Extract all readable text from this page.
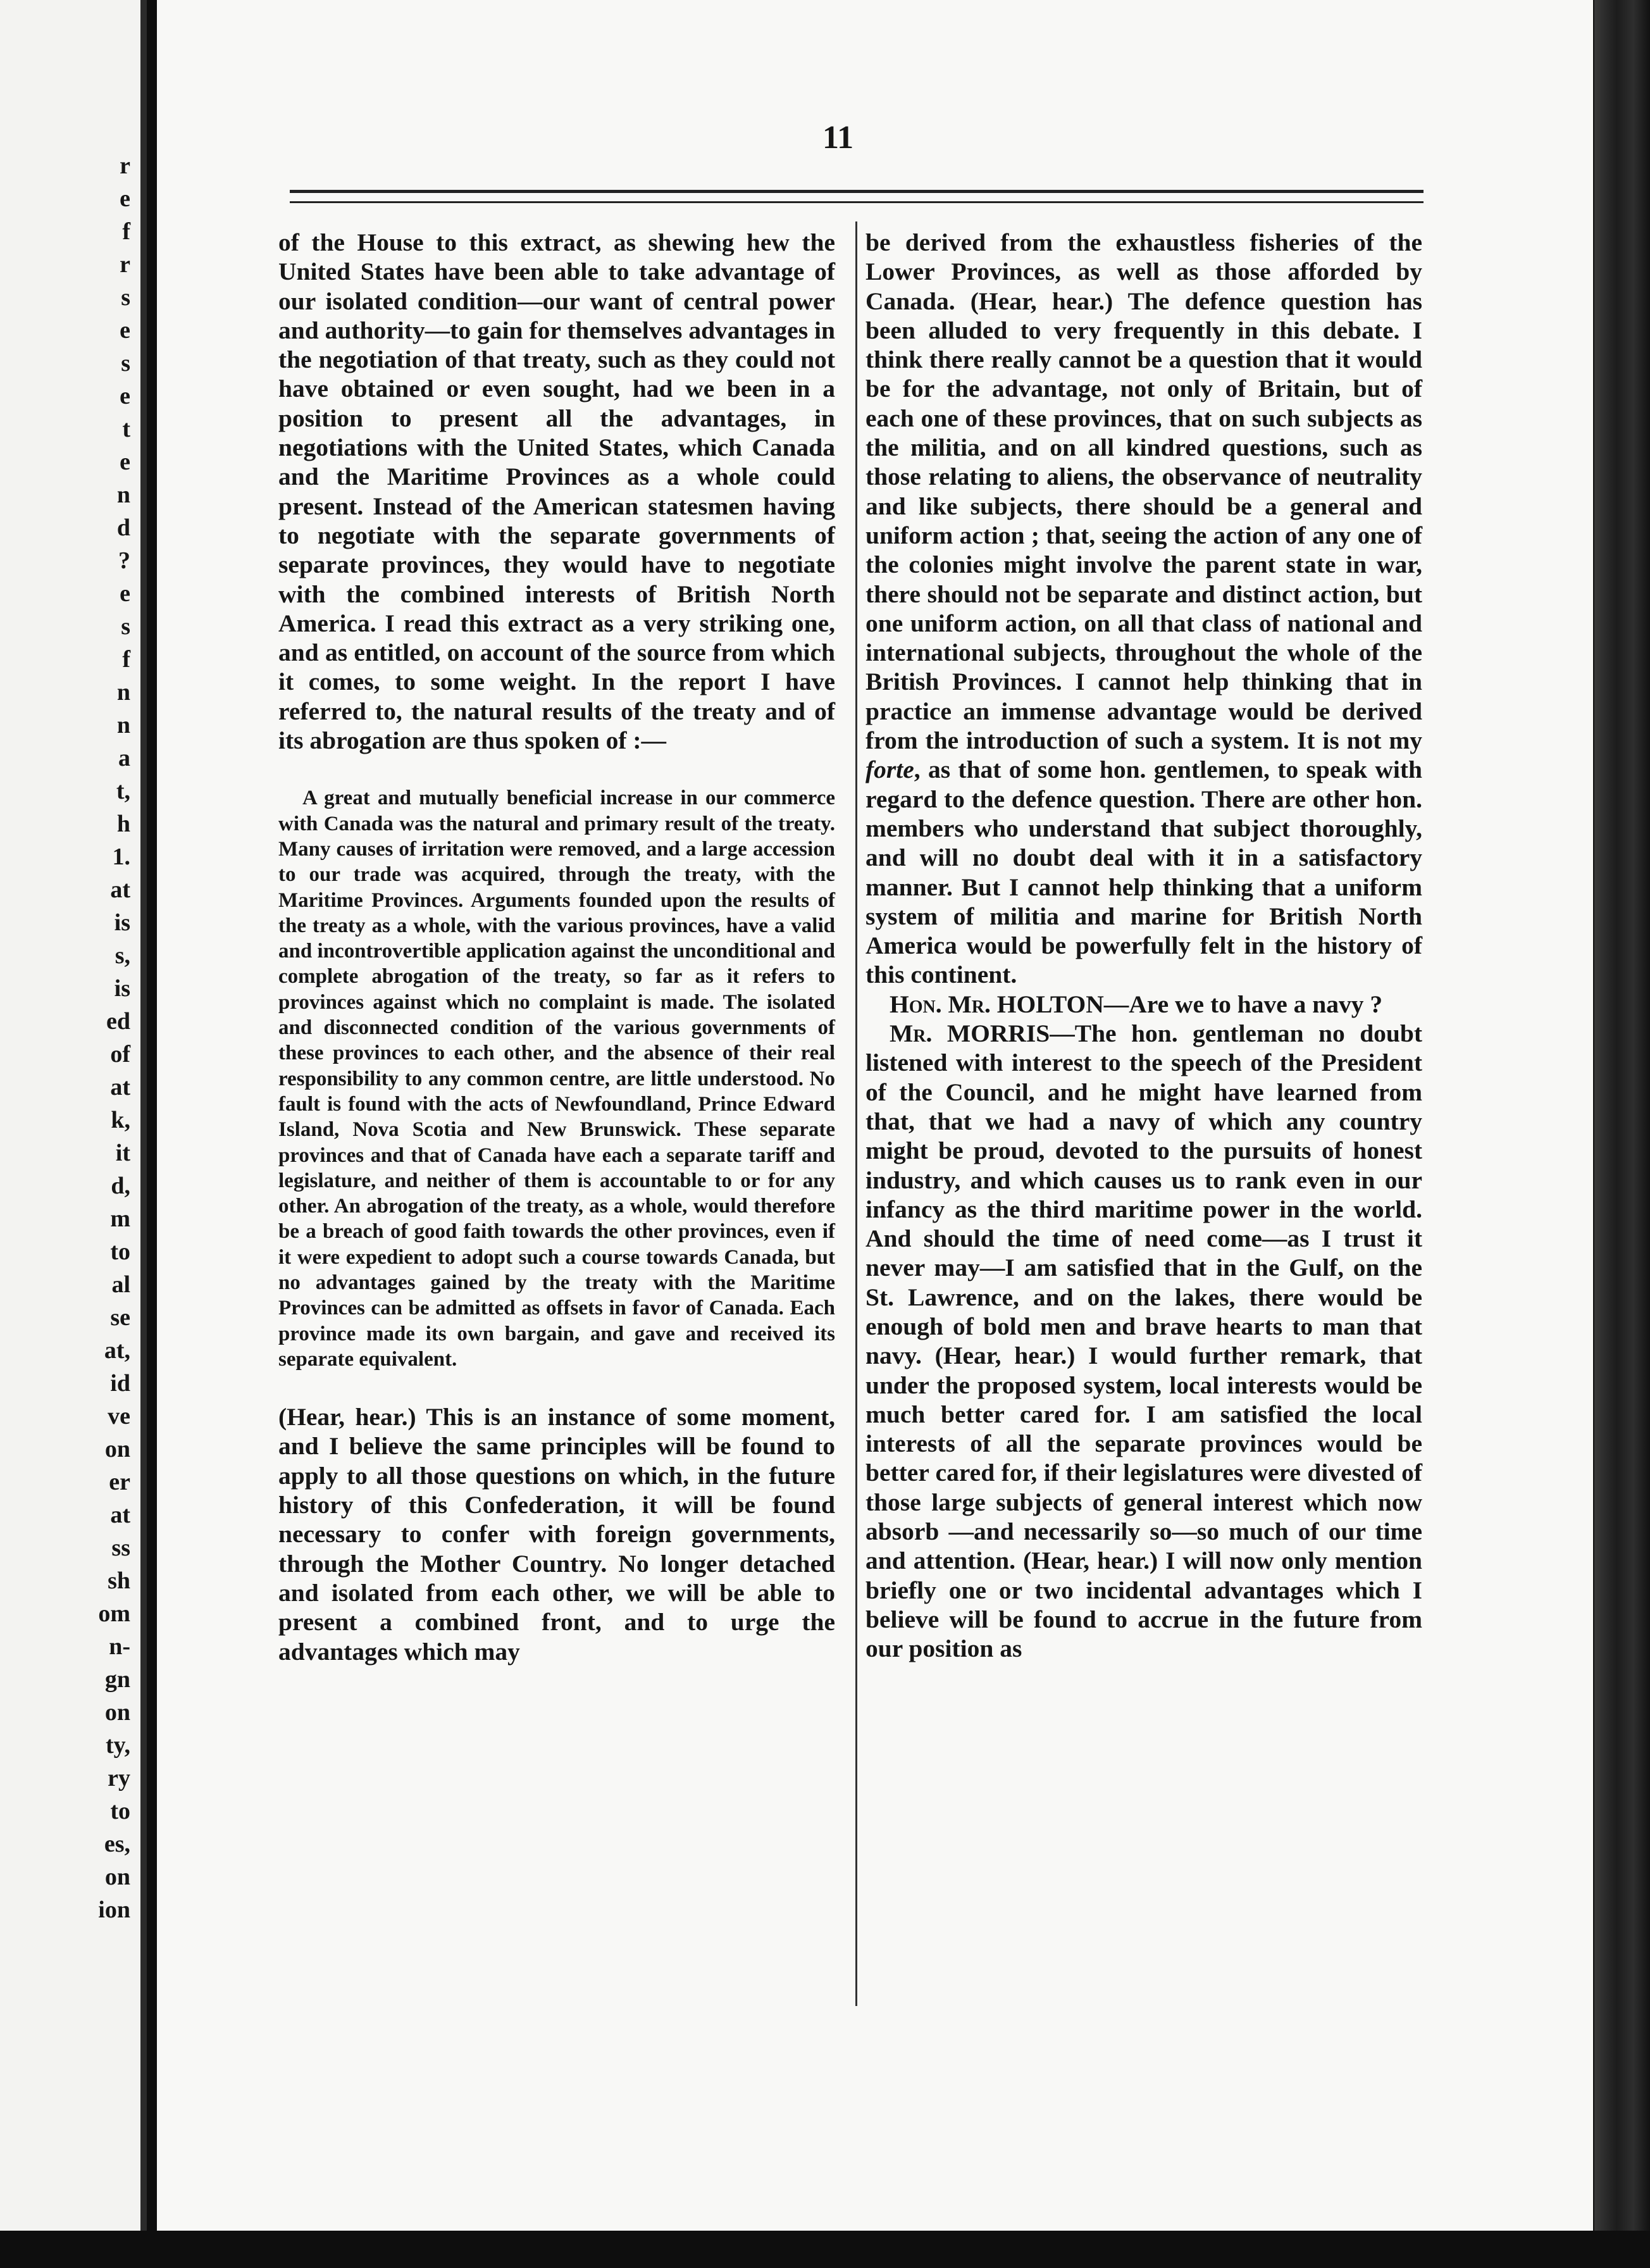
r
e
f
r
s
e
s
e
t
e
n
d
?
e
s
f
n
n
a
t,
h
1.
at
is
s,
is
ed
of
at
k,
it
d,
m
to
al
se
at,
id
ve
on
er
at
ss
sh
om
n-
gn
on
ty,
ry
to
es,
on
ion
11

of the House to this extract, as shewing hew the United States have been able to take advantage of our isolated condition—our want of central power and authority—to gain for themselves advantages in the negotiation of that treaty, such as they could not have obtained or even sought, had we been in a position to present all the advantages, in negotiations with the United States, which Canada and the Maritime Provinces as a whole could present. Instead of the American statesmen having to negotiate with the separate governments of separate provinces, they would have to negotiate with the combined interests of British North America. I read this extract as a very striking one, and as entitled, on account of the source from which it comes, to some weight. In the report I have referred to, the natural results of the treaty and of its abrogation are thus spoken of :—

A great and mutually beneficial increase in our commerce with Canada was the natural and primary result of the treaty. Many causes of irritation were removed, and a large accession to our trade was acquired, through the treaty, with the Maritime Provinces. Arguments founded upon the results of the treaty as a whole, with the various provinces, have a valid and incontrovertible application against the unconditional and complete abrogation of the treaty, so far as it refers to provinces against which no complaint is made. The isolated and disconnected condition of the various governments of these provinces to each other, and the absence of their real responsibility to any common centre, are little understood. No fault is found with the acts of Newfoundland, Prince Edward Island, Nova Scotia and New Brunswick. These separate provinces and that of Canada have each a separate tariff and legislature, and neither of them is accountable to or for any other. An abrogation of the treaty, as a whole, would therefore be a breach of good faith towards the other provinces, even if it were expedient to adopt such a course towards Canada, but no advantages gained by the treaty with the Maritime Provinces can be admitted as offsets in favor of Canada. Each province made its own bargain, and gave and received its separate equivalent.

(Hear, hear.) This is an instance of some moment, and I believe the same principles will be found to apply to all those questions on which, in the future history of this Confederation, it will be found necessary to confer with foreign governments, through the Mother Country. No longer detached and isolated from each other, we will be able to present a combined front, and to urge the advantages which may

be derived from the exhaustless fisheries of the Lower Provinces, as well as those afforded by Canada. (Hear, hear.) The defence question has been alluded to very frequently in this debate. I think there really cannot be a question that it would be for the advantage, not only of Britain, but of each one of these provinces, that on such subjects as the militia, and on all kindred questions, such as those relating to aliens, the observance of neutrality and like subjects, there should be a general and uniform action ; that, seeing the action of any one of the colonies might involve the parent state in war, there should not be separate and distinct action, but one uniform action, on all that class of national and international subjects, throughout the whole of the British Provinces. I cannot help thinking that in practice an immense advantage would be derived from the introduction of such a system. It is not my forte, as that of some hon. gentlemen, to speak with regard to the defence question. There are other hon. members who understand that subject thoroughly, and will no doubt deal with it in a satisfactory manner. But I cannot help thinking that a uniform system of militia and marine for British North America would be powerfully felt in the history of this continent.

Hon. Mr. HOLTON—Are we to have a navy ?

Mr. MORRIS—The hon. gentleman no doubt listened with interest to the speech of the President of the Council, and he might have learned from that, that we had a navy of which any country might be proud, devoted to the pursuits of honest industry, and which causes us to rank even in our infancy as the third maritime power in the world. And should the time of need come—as I trust it never may—I am satisfied that in the Gulf, on the St. Lawrence, and on the lakes, there would be enough of bold men and brave hearts to man that navy. (Hear, hear.) I would further remark, that under the proposed system, local interests would be much better cared for. I am satisfied the local interests of all the separate provinces would be better cared for, if their legislatures were divested of those large subjects of general interest which now absorb —and necessarily so—so much of our time and attention. (Hear, hear.) I will now only mention briefly one or two incidental advantages which I believe will be found to accrue in the future from our position as
